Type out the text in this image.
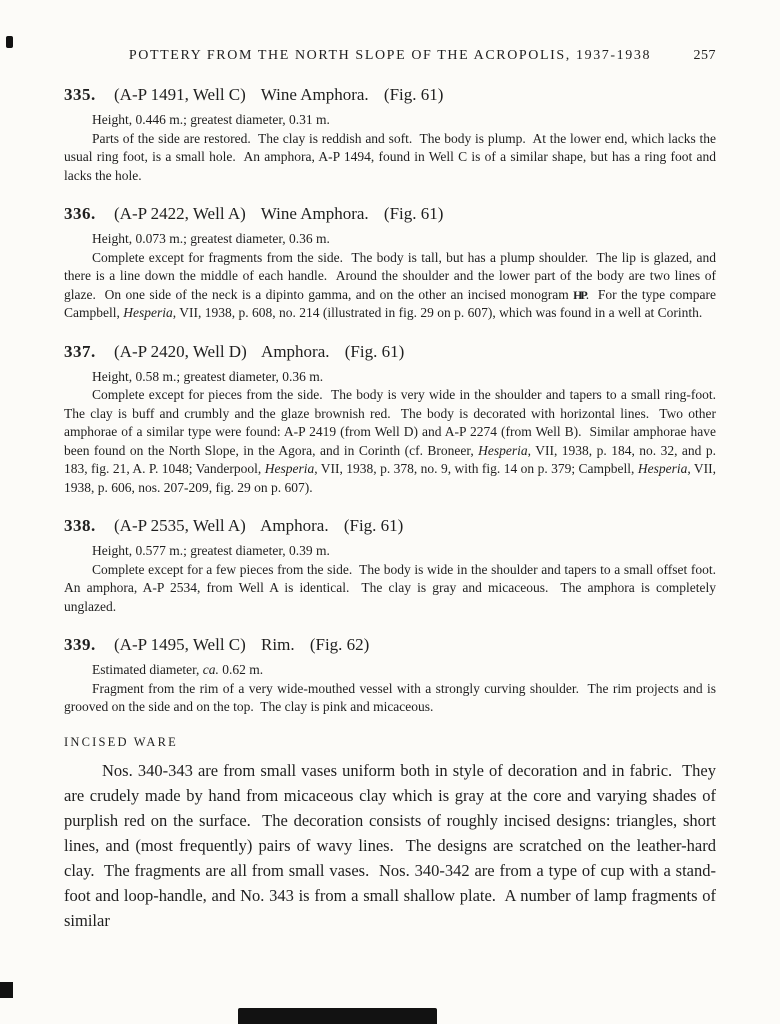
POTTERY FROM THE NORTH SLOPE OF THE ACROPOLIS, 1937-1938	257
335. (A-P 1491, Well C) Wine Amphora. (Fig. 61)

Height, 0.446 m.; greatest diameter, 0.31 m.

Parts of the side are restored.  The clay is reddish and soft.  The body is plump.  At the lower end, which lacks the usual ring foot, is a small hole.  An amphora, A-P 1494, found in Well C is of a similar shape, but has a ring foot and lacks the hole.

336. (A-P 2422, Well A) Wine Amphora. (Fig. 61)

Height, 0.073 m.; greatest diameter, 0.36 m.

Complete except for fragments from the side.  The body is tall, but has a plump shoulder.  The lip is glazed, and there is a line down the middle of each handle.  Around the shoulder and the lower part of the body are two lines of glaze.  On one side of the neck is a dipinto gamma, and on the other an incised monogram HP.  For the type compare Campbell, Hesperia, VII, 1938, p. 608, no. 214 (illustrated in fig. 29 on p. 607), which was found in a well at Corinth.

337. (A-P 2420, Well D) Amphora. (Fig. 61)

Height, 0.58 m.; greatest diameter, 0.36 m.

Complete except for pieces from the side.  The body is very wide in the shoulder and tapers to a small ring-foot.  The clay is buff and crumbly and the glaze brownish red.  The body is decorated with horizontal lines.  Two other amphorae of a similar type were found: A-P 2419 (from Well D) and A-P 2274 (from Well B).  Similar amphorae have been found on the North Slope, in the Agora, and in Corinth (cf. Broneer, Hesperia, VII, 1938, p. 184, no. 32, and p. 183, fig. 21, A. P. 1048; Vanderpool, Hesperia, VII, 1938, p. 378, no. 9, with fig. 14 on p. 379; Campbell, Hesperia, VII, 1938, p. 606, nos. 207-209, fig. 29 on p. 607).

338. (A-P 2535, Well A) Amphora. (Fig. 61)

Height, 0.577 m.; greatest diameter, 0.39 m.

Complete except for a few pieces from the side.  The body is wide in the shoulder and tapers to a small offset foot.  An amphora, A-P 2534, from Well A is identical.  The clay is gray and micaceous.  The amphora is completely unglazed.

339. (A-P 1495, Well C) Rim. (Fig. 62)

Estimated diameter, ca. 0.62 m.

Fragment from the rim of a very wide-mouthed vessel with a strongly curving shoulder.  The rim projects and is grooved on the side and on the top.  The clay is pink and micaceous.

INCISED WARE

Nos. 340-343 are from small vases uniform both in style of decoration and in fabric.  They are crudely made by hand from micaceous clay which is gray at the core and varying shades of purplish red on the surface.  The decoration consists of roughly incised designs: triangles, short lines, and (most frequently) pairs of wavy lines.  The designs are scratched on the leather-hard clay.  The fragments are all from small vases.  Nos. 340-342 are from a type of cup with a stand-foot and loop-handle, and No. 343 is from a small shallow plate.  A number of lamp fragments of similar
